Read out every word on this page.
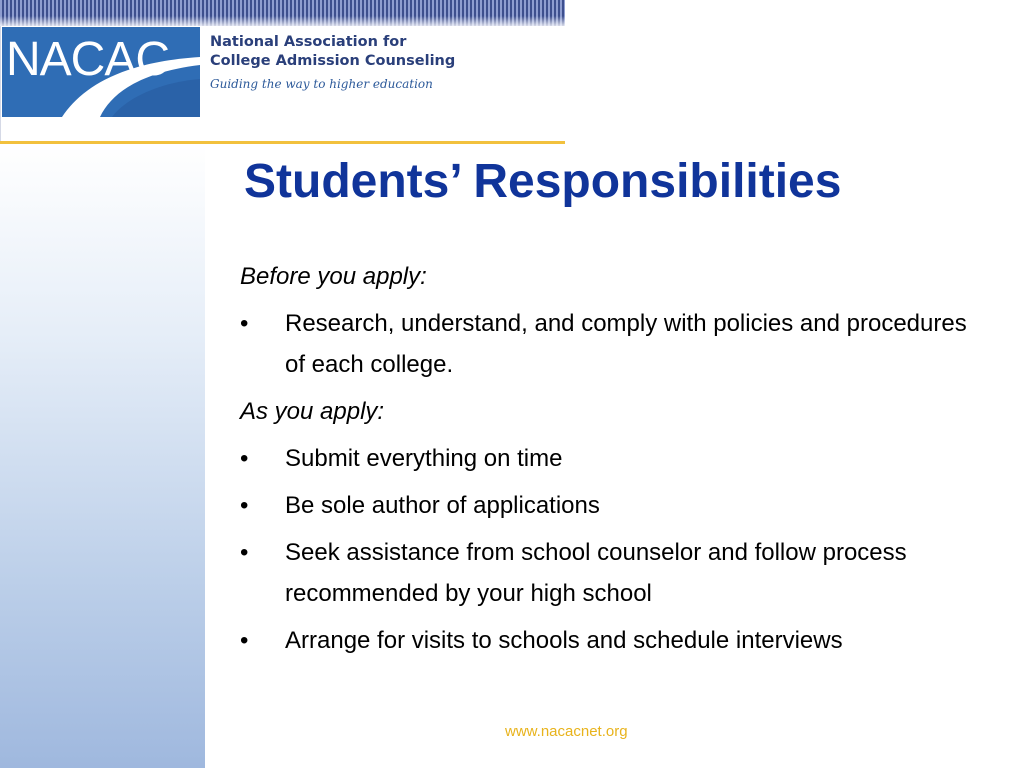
NACAC	National Association for
College Admission Counseling
Guiding the way to higher education
Students’ Responsibilities
Before you apply:
• Research, understand, and comply with policies and procedures of each college.
As you apply:
• Submit everything on time
• Be sole author of applications
• Seek assistance from school counselor and follow process recommended by your high school
• Arrange for visits to schools and schedule interviews
www.nacacnet.org
